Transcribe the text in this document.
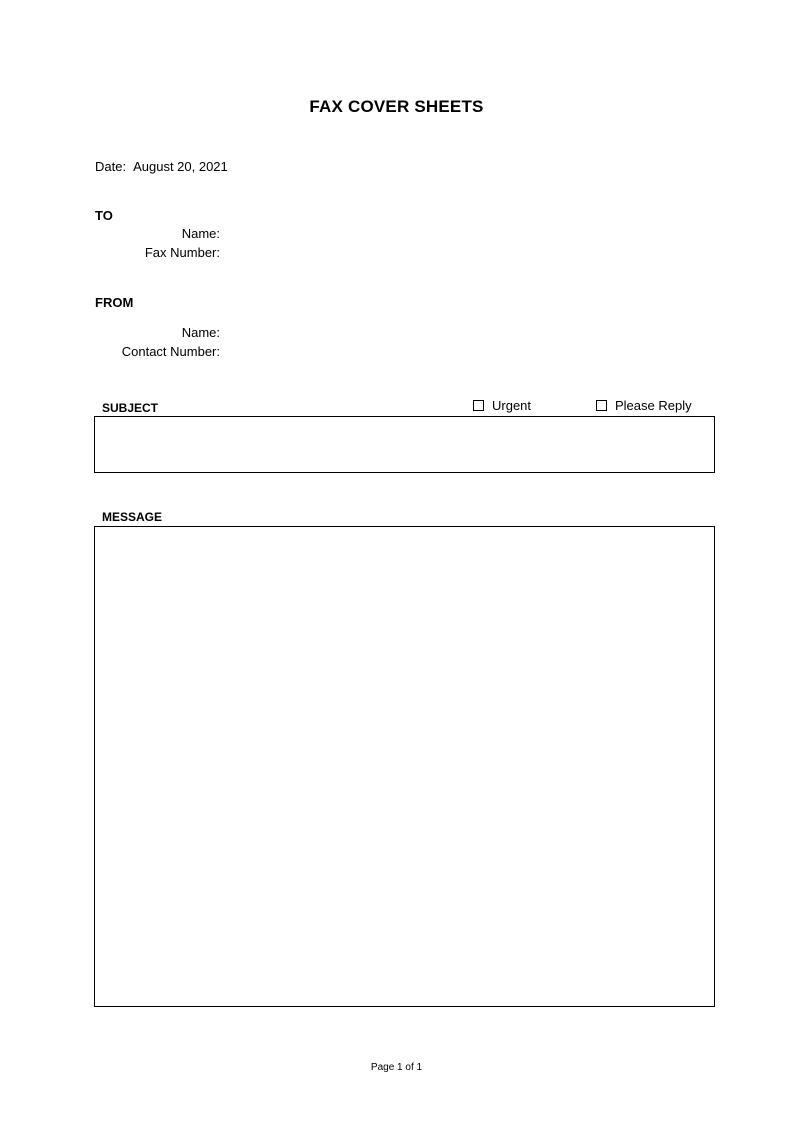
FAX COVER SHEETS
Date: August 20, 2021
TO
Name:
Fax Number:
FROM
Name:
Contact Number:
SUBJECT	Urgent	Please Reply
MESSAGE
Page 1 of 1
